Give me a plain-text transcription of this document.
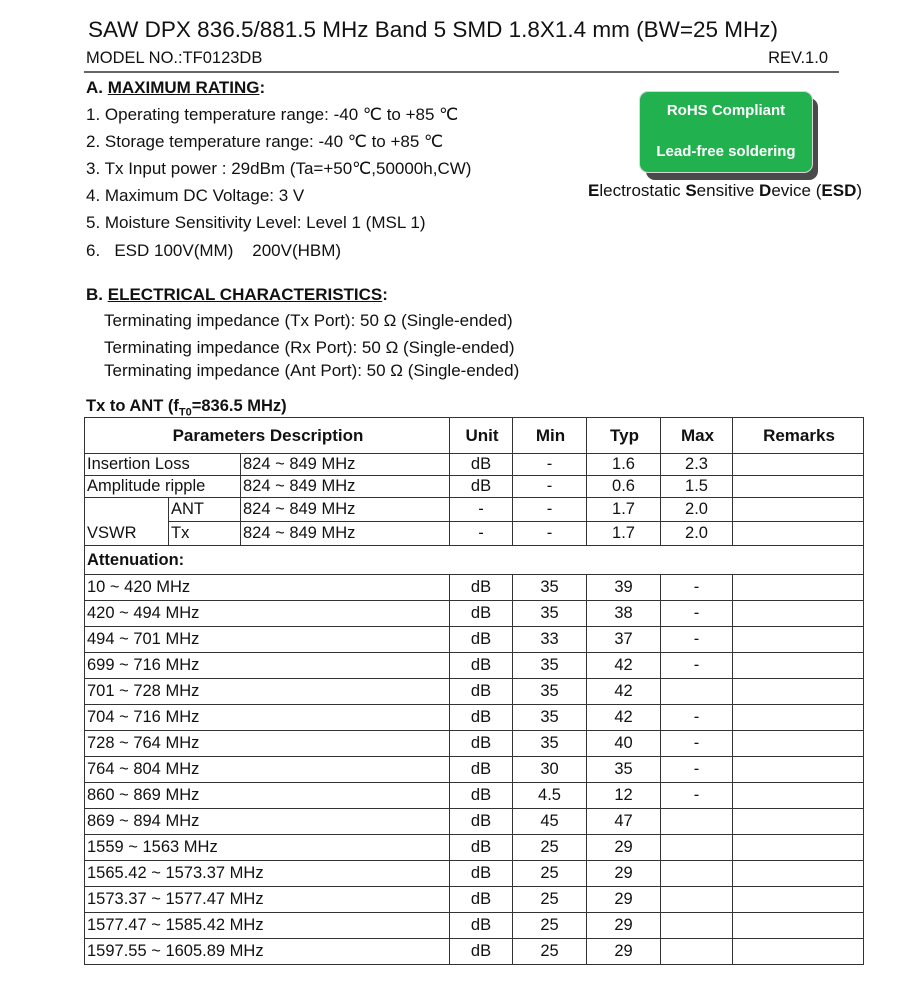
SAW DPX 836.5/881.5 MHz Band 5 SMD 1.8X1.4 mm (BW=25 MHz)
MODEL NO.:TF0123DB	REV.1.0
A. MAXIMUM RATING:
1. Operating temperature range: -40 ℃ to +85 ℃
2. Storage temperature range: -40 ℃ to +85 ℃
3. Tx Input power : 29dBm (Ta=+50℃,50000h,CW)
4. Maximum DC Voltage: 3 V
5. Moisture Sensitivity Level: Level 1 (MSL 1)
6.   ESD 100V(MM)    200V(HBM)
RoHS Compliant
Lead-free soldering
Electrostatic Sensitive Device (ESD)
B. ELECTRICAL CHARACTERISTICS:
Terminating impedance (Tx Port): 50 Ω (Single-ended)
Terminating impedance (Rx Port): 50 Ω (Single-ended)
Terminating impedance (Ant Port): 50 Ω (Single-ended)
Tx to ANT ($f_{T0}=836.5$ MHz)
Parameters Description			Unit	Min	Typ	Max	Remarks
Insertion Loss		824 ~ 849 MHz	dB	-	1.6	2.3	
Amplitude ripple		824 ~ 849 MHz	dB	-	0.6	1.5	
VSWR	ANT	824 ~ 849 MHz	-	-	1.7	2.0	
	Tx	824 ~ 849 MHz	-	-	1.7	2.0	
Attenuation:							
10 ~ 420 MHz			dB	35	39	-	
420 ~ 494 MHz			dB	35	38	-	
494 ~ 701 MHz			dB	33	37	-	
699 ~ 716 MHz			dB	35	42	-	
701 ~ 728 MHz			dB	35	42		
704 ~ 716 MHz			dB	35	42	-	
728 ~ 764 MHz			dB	35	40	-	
764 ~ 804 MHz			dB	30	35	-	
860 ~ 869 MHz			dB	4.5	12	-	
869 ~ 894 MHz			dB	45	47		
1559 ~ 1563 MHz			dB	25	29		
1565.42 ~ 1573.37 MHz			dB	25	29		
1573.37 ~ 1577.47 MHz			dB	25	29		
1577.47 ~ 1585.42 MHz			dB	25	29		
1597.55 ~ 1605.89 MHz			dB	25	29		
